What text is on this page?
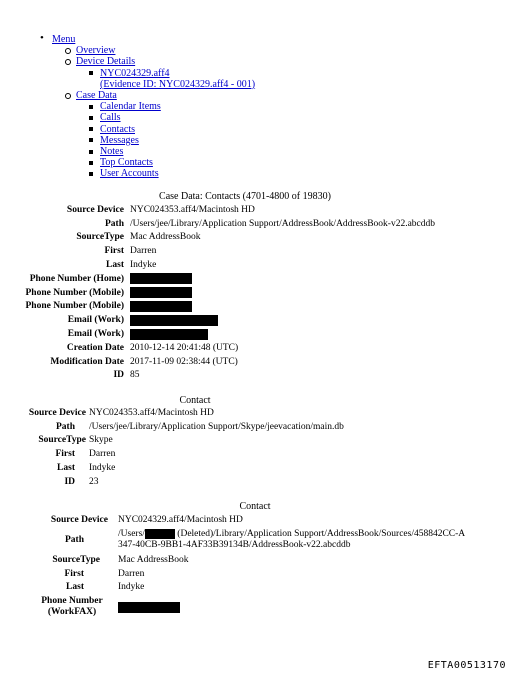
• Menu
Overview
Device Details
NYC024329.aff4
(Evidence ID: NYC024329.aff4 - 001)
Case Data
Calendar Items
Calls
Contacts
Messages
Notes
Top Contacts
User Accounts
Case Data: Contacts (4701-4800 of 19830)
Source Device	NYC024353.aff4/Macintosh HD
Path	/Users/jee/Library/Application Support/AddressBook/AddressBook-v22.abcddb
SourceType	Mac AddressBook
First	Darren
Last	Indyke
Phone Number (Home)	
Phone Number (Mobile)	
Phone Number (Mobile)	
Email (Work)	
Email (Work)	
Creation Date	2010-12-14 20:41:48 (UTC)
Modification Date	2017-11-09 02:38:44 (UTC)
ID	85
Contact
Source Device	NYC024353.aff4/Macintosh HD
Path	/Users/jee/Library/Application Support/Skype/jeevacation/main.db
SourceType	Skype
First	Darren
Last	Indyke
ID	23
Contact
Source Device	NYC024329.aff4/Macintosh HD
Path	/Users/ (Deleted)/Library/Application Support/AddressBook/Sources/458842CC-A
347-40CB-9BB1-4AF33B39134B/AddressBook-v22.abcddb
SourceType	Mac AddressBook
First	Darren
Last	Indyke
Phone Number (WorkFAX)	
EFTA00513170
